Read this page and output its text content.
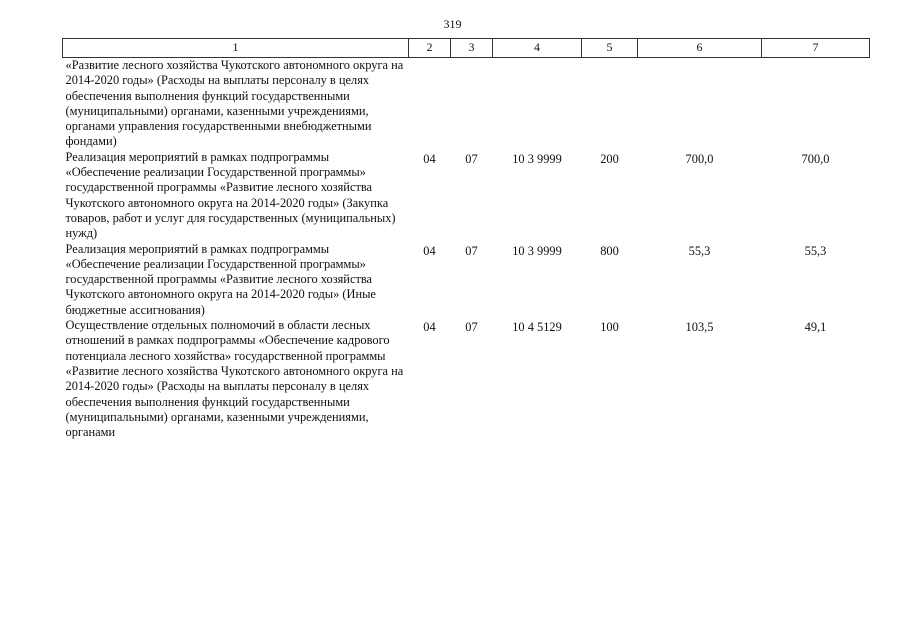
319
1	2	3	4	5	6	7
«Развитие лесного хозяйства Чукотского автономного округа на 2014-2020 годы» (Расходы на выплаты персоналу в целях обеспечения выполнения функций государственными (муниципальными) органами, казенными учреждениями, органами управления государственными внебюджетными фондами)						
Реализация мероприятий в рамках подпрограммы «Обеспечение реализации Государственной программы» государственной программы «Развитие лесного хозяйства Чукотского автономного округа на 2014-2020 годы» (Закупка товаров, работ и услуг для государственных (муниципальных) нужд)	04	07	10 3 9999	200	700,0	700,0
Реализация мероприятий в рамках подпрограммы «Обеспечение реализации Государственной программы» государственной программы «Развитие лесного хозяйства Чукотского автономного округа на 2014-2020 годы» (Иные бюджетные ассигнования)	04	07	10 3 9999	800	55,3	55,3
Осуществление отдельных полномочий в области лесных отношений в рамках подпрограммы «Обеспечение кадрового потенциала лесного хозяйства» государственной программы «Развитие лесного хозяйства Чукотского автономного округа на 2014-2020 годы» (Расходы на выплаты персоналу в целях обеспечения выполнения функций государственными (муниципальными) органами, казенными учреждениями, органами	04	07	10 4 5129	100	103,5	49,1
